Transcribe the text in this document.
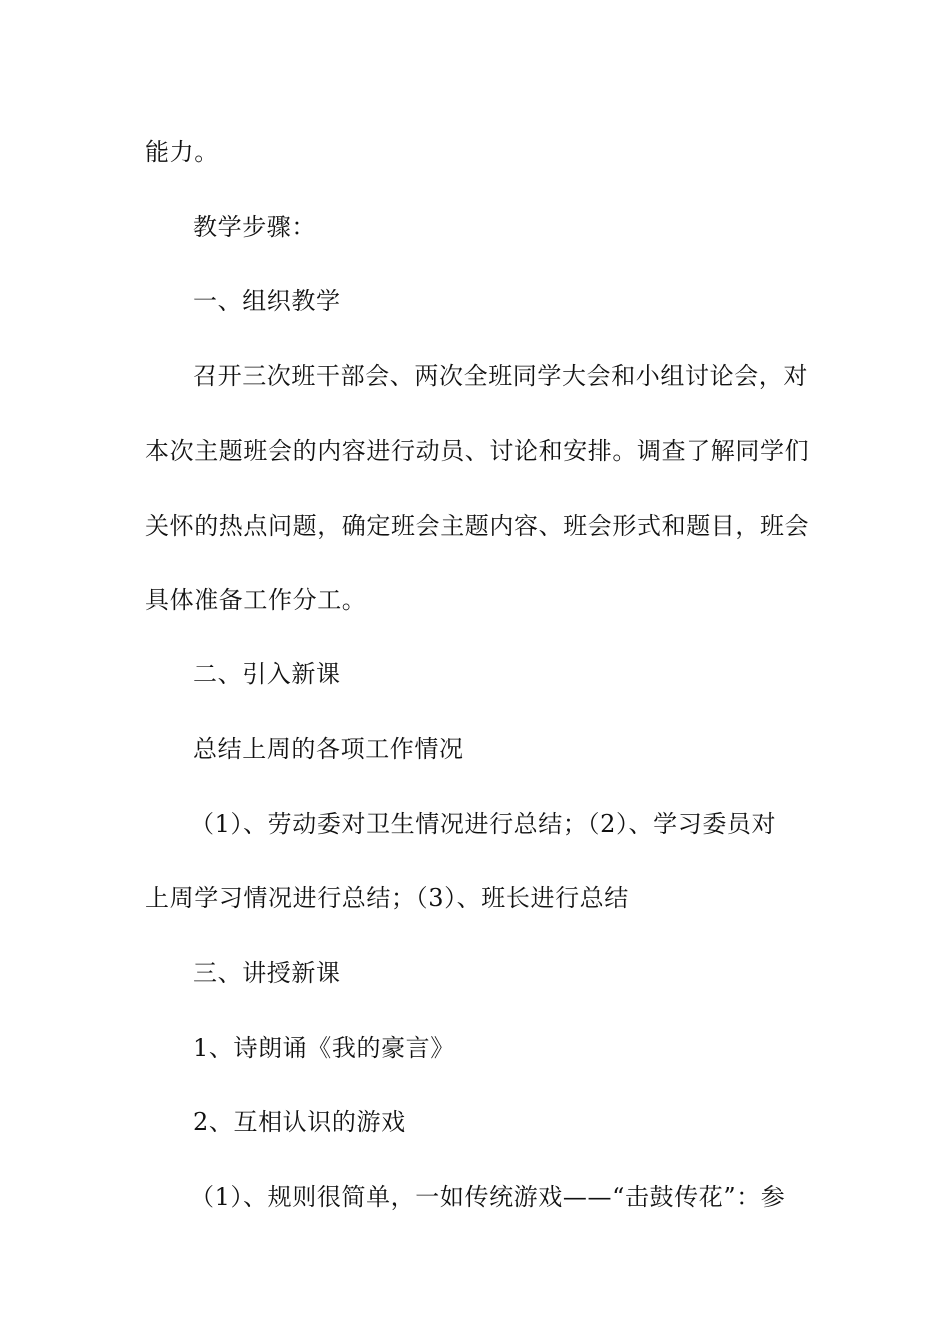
能力。
教学步骤：
一、组织教学
召开三次班干部会、两次全班同学大会和小组讨论会，对
本次主题班会的内容进行动员、讨论和安排。调查了解同学们
关怀的热点问题，确定班会主题内容、班会形式和题目，班会
具体准备工作分工。
二、引入新课
总结上周的各项工作情况
（1）、劳动委对卫生情况进行总结；（2）、学习委员对
上周学习情况进行总结；（3）、班长进行总结
三、讲授新课
1、诗朗诵《我的豪言》
2、互相认识的游戏
（1）、规则很简单，一如传统游戏——“击鼓传花”：参
